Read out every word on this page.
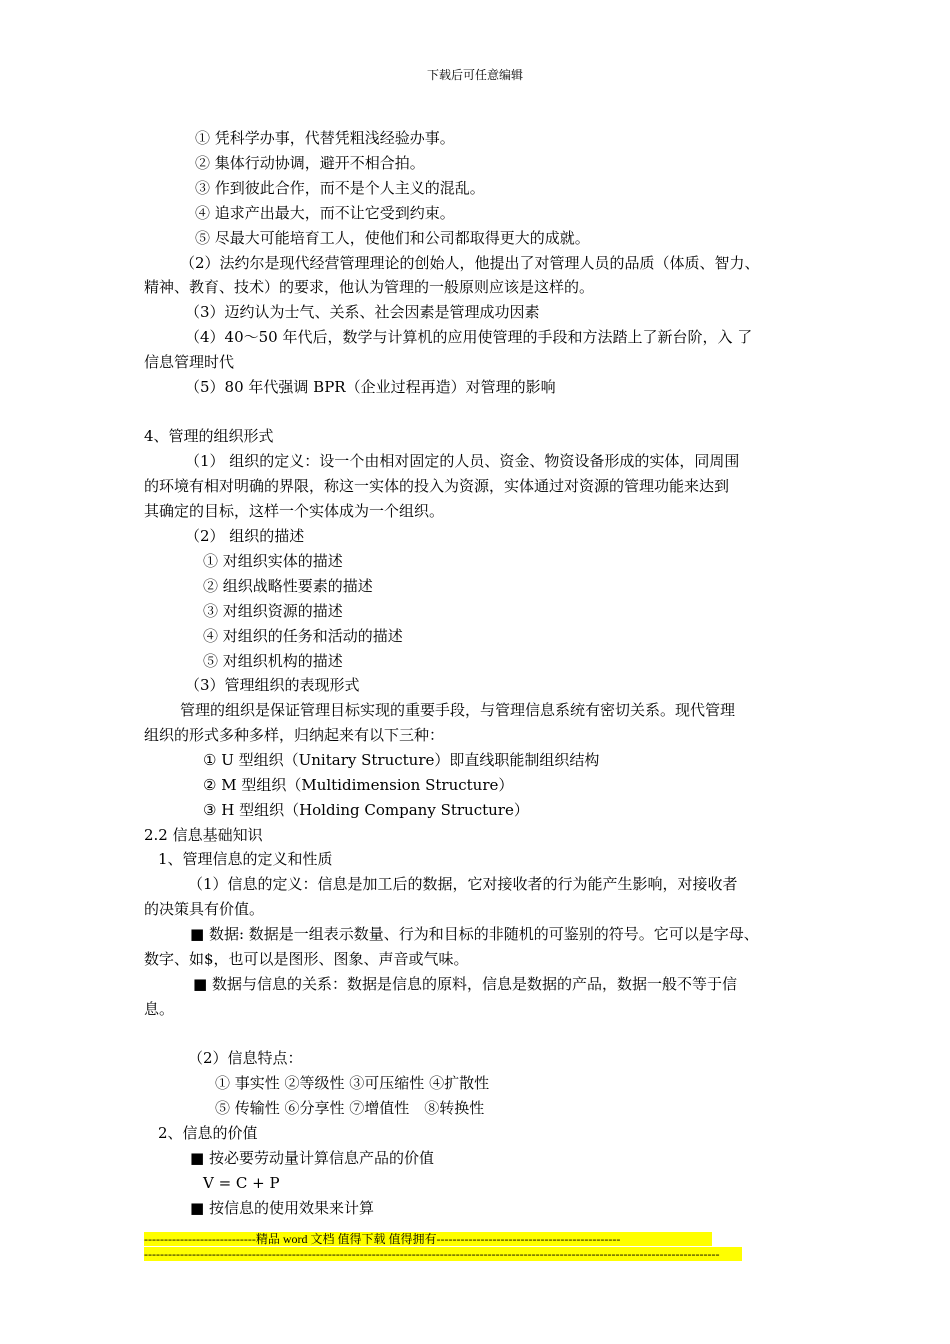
下载后可任意编辑
① 凭科学办事，代替凭粗浅经验办事。
② 集体行动协调，避开不相合拍。
③ 作到彼此合作，而不是个人主义的混乱。
④ 追求产出最大，而不让它受到约束。
⑤ 尽最大可能培育工人，使他们和公司都取得更大的成就。
（2）法约尔是现代经营管理理论的创始人，他提出了对管理人员的品质（体质、智力、
精神、教育、技术）的要求，他认为管理的一般原则应该是这样的。
（3）迈约认为士气、关系、社会因素是管理成功因素
（4）40～50 年代后，数学与计算机的应用使管理的手段和方法踏上了新台阶，入 了
信息管理时代
（5）80 年代强调 BPR（企业过程再造）对管理的影响
4、管理的组织形式
（1） 组织的定义：设一个由相对固定的人员、资金、物资设备形成的实体，同周围
的环境有相对明确的界限，称这一实体的投入为资源，实体通过对资源的管理功能来达到
其确定的目标，这样一个实体成为一个组织。
（2） 组织的描述
① 对组织实体的描述
② 组织战略性要素的描述
③ 对组织资源的描述
④ 对组织的任务和活动的描述
⑤ 对组织机构的描述
（3）管理组织的表现形式
管理的组织是保证管理目标实现的重要手段，与管理信息系统有密切关系。现代管理
组织的形式多种多样，归纳起来有以下三种：
① U 型组织（Unitary Structure）即直线职能制组织结构
② M 型组织（Multidimension Structure）
③ H 型组织（Holding Company Structure）
2.2 信息基础知识
1、管理信息的定义和性质
（1）信息的定义：信息是加工后的数据，它对接收者的行为能产生影响，对接收者
的决策具有价值。
■ 数据: 数据是一组表示数量、行为和目标的非随机的可鉴别的符号。它可以是字母、
数字、如$，也可以是图形、图象、声音或气味。
■ 数据与信息的关系：数据是信息的原料，信息是数据的产品，数据一般不等于信
息。
（2）信息特点：
① 事实性 ②等级性 ③可压缩性 ④扩散性
⑤ 传输性 ⑥分享性 ⑦增值性　⑧转换性
2、信息的价值
■ 按必要劳动量计算信息产品的价值
V = C + P
■ 按信息的使用效果来计算
----------------------------精品 word 文档 值得下载 值得拥有----------------------------------------------
------------------------------------------------------------------------------------------------------------------------------------------------
